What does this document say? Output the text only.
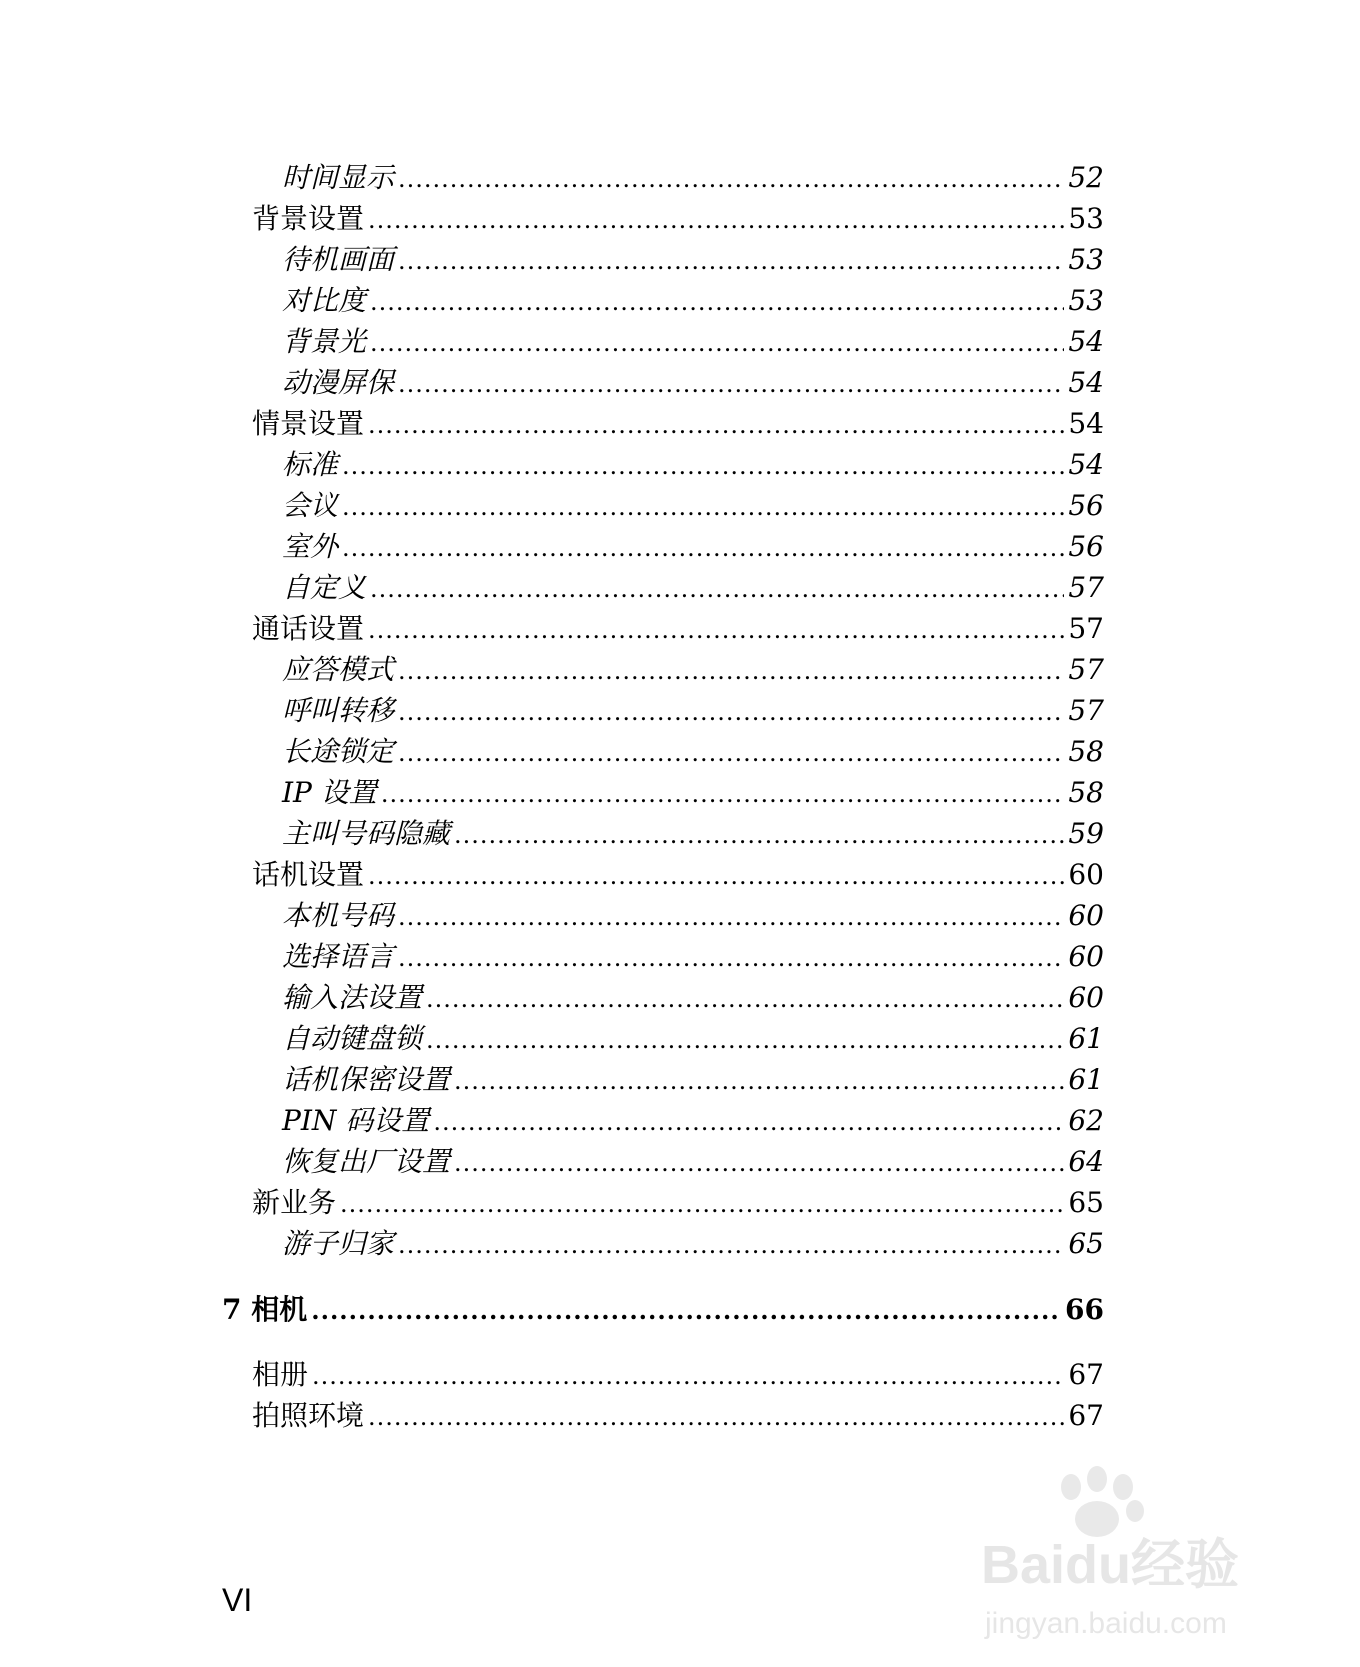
时间显示 .....	52
背景设置 .....	53
待机画面 .....	53
对比度 .....	53
背景光 .....	54
动漫屏保 .....	54
情景设置 .....	54
标准 .....	54
会议 .....	56
室外 .....	56
自定义 .....	57
通话设置 .....	57
应答模式 .....	57
呼叫转移 .....	57
长途锁定 .....	58
IP 设置 .....	58
主叫号码隐藏 .....	59
话机设置 .....	60
本机号码 .....	60
选择语言 .....	60
输入法设置 .....	60
自动键盘锁 .....	61
话机保密设置 .....	61
PIN 码设置 .....	62
恢复出厂设置 .....	64
新业务 .....	65
游子归家 .....	65
7 相机 .....	66
相册 .....	67
拍照环境 .....	67
VI
Baidu经验
jingyan.baidu.com
